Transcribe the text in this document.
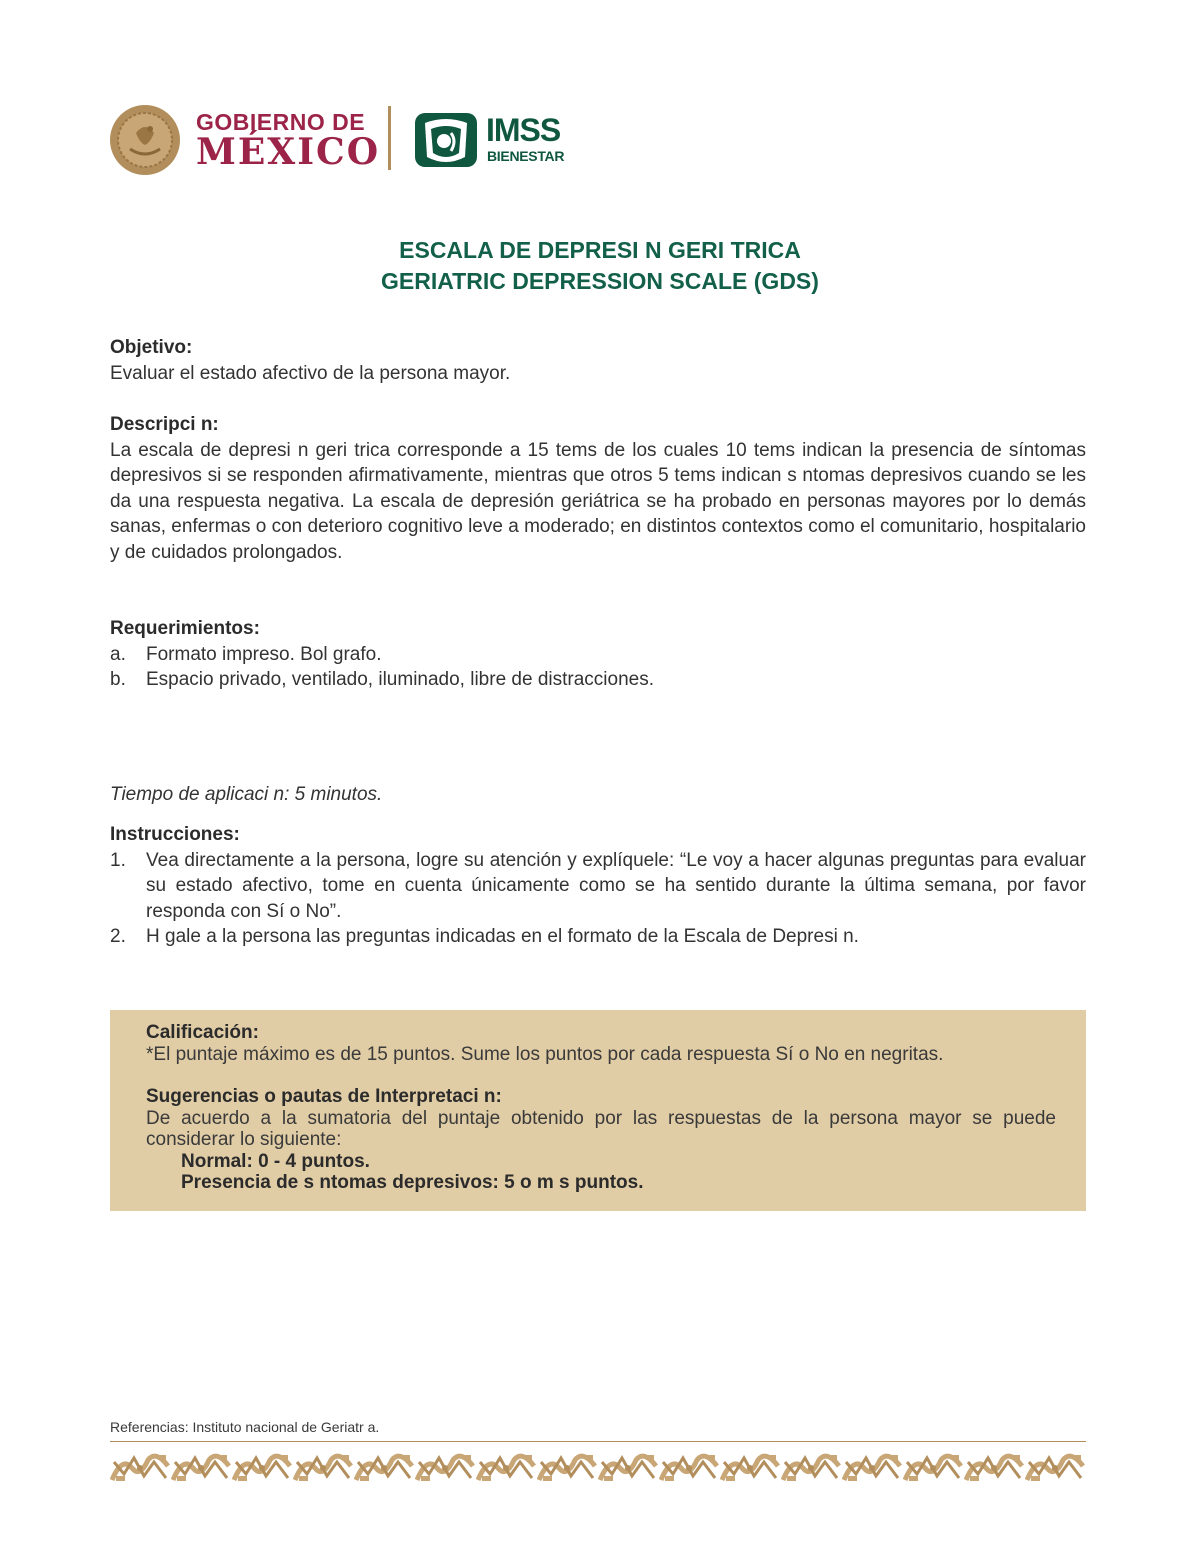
GOBIERNO DE
MÉXICO
IMSS
BIENESTAR
ESCALA DE DEPRESI N GERI TRICA
GERIATRIC DEPRESSION SCALE (GDS)
Objetivo:
Evaluar el estado afectivo de la persona mayor.
Descripci n:
La escala de depresi n geri trica corresponde a 15 tems de los cuales 10 tems indican la presencia de síntomas depresivos si se responden afirmativamente, mientras que otros 5 tems indican s ntomas depresivos cuando se les da una respuesta negativa. La escala de depresión geriátrica se ha probado en personas mayores por lo demás sanas, enfermas o con deterioro cognitivo leve a moderado; en distintos contextos como el comunitario, hospitalario y de cuidados prolongados.
Requerimientos:
a.	Formato impreso. Bol grafo.
b.	Espacio privado, ventilado, iluminado, libre de distracciones.
Tiempo de aplicaci n: 5 minutos.
Instrucciones:
1.	Vea directamente a la persona, logre su atención y explíquele: “Le voy a hacer algunas preguntas para evaluar su estado afectivo, tome en cuenta únicamente como se ha sentido durante la última semana, por favor responda con Sí o No”.
2.	H gale a la persona las preguntas indicadas en el formato de la Escala de Depresi n.
Calificación:
*El puntaje máximo es de 15 puntos. Sume los puntos por cada respuesta Sí o No en negritas.
Sugerencias o pautas de Interpretaci n:
De acuerdo a la sumatoria del puntaje obtenido por las respuestas de la persona mayor se puede considerar lo siguiente:
Normal: 0 - 4 puntos.
Presencia de s ntomas depresivos: 5 o m s puntos.
Referencias: Instituto nacional de Geriatr a.
